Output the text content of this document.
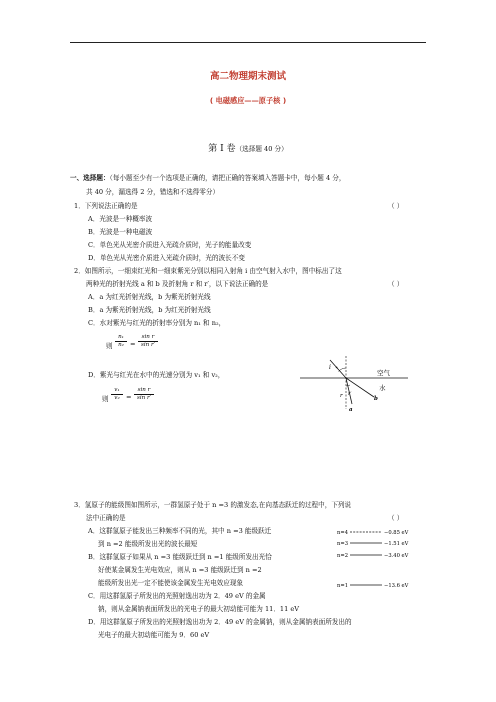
高二物理期末测试
( 电磁感应——原子核 )
第 I 卷（选择题 40 分）
一、选择题：（每小题至少有一个选项是正确的，请把正确的答案填入答题卡中，每小题 4 分，
共 40 分，漏选得 2 分，错选和不选得零分）
1．下列说法正确的是	（ ）
A．光波是一种概率波
B．光波是一种电磁波
C．单色光从光密介质进入光疏介质时，光子的能量改变
D．单色光从光密介质进入光疏介质时，光的波长不变
2．如图所示，一细束红光和一细束紫光分别以相同入射角 i 由空气射入水中，图中标出了这
两种光的折射光线 a 和 b 及折射角 r 和 r′，以下说法正确的是	（ ）
A．a 为红光折射光线，b 为紫光折射光线
B．a 为紫光折射光线，b 为红光折射光线
C．水对紫光与红光的折射率分别为 n₁ 和 n₂，
则 $\frac{\text{n₁}}{\text{n₂}} = \frac{\text{sin r}}{\text{sin r′}}$
D．紫光与红光在水中的光速分别为 v₁ 和 v₂，
则 $\frac{\text{v₁}}{\text{v₂}} = \frac{\text{sin r}}{\text{sin r′}}$
i
空气
水
r r′
a
b
3．氢原子的能级图如图所示，一群氢原子处于 n =3 的激发态,在向基态跃迁的过程中，下列说
法中正确的是	（ ）
A．这群氢原子能发出三种频率不同的光，其中 n =3 能级跃迁
到 n =2 能级所发出光的波长最短
B．这群氢原子如果从 n =3 能级跃迁到 n =1 能级所发出光恰
好使某金属发生光电效应，则从 n =3 能级跃迁到 n =2
能级所发出光一定不能使该金属发生光电效应现象
C．用这群氢原子所发出的光照射逸出功为 2．49 eV 的金属
钠，则从金属钠表面所发出的光电子的最大初动能可能为 11．11 eV
D．用这群氢原子所发出的光照射逸出功为 2．49 eV 的金属钠，则从金属钠表面所发出的
光电子的最大初动能可能为 9．60 eV
n=4	−0.85 eV
n=3	−1.51 eV
n=2	−3.40 eV
n=1	−13.6 eV
